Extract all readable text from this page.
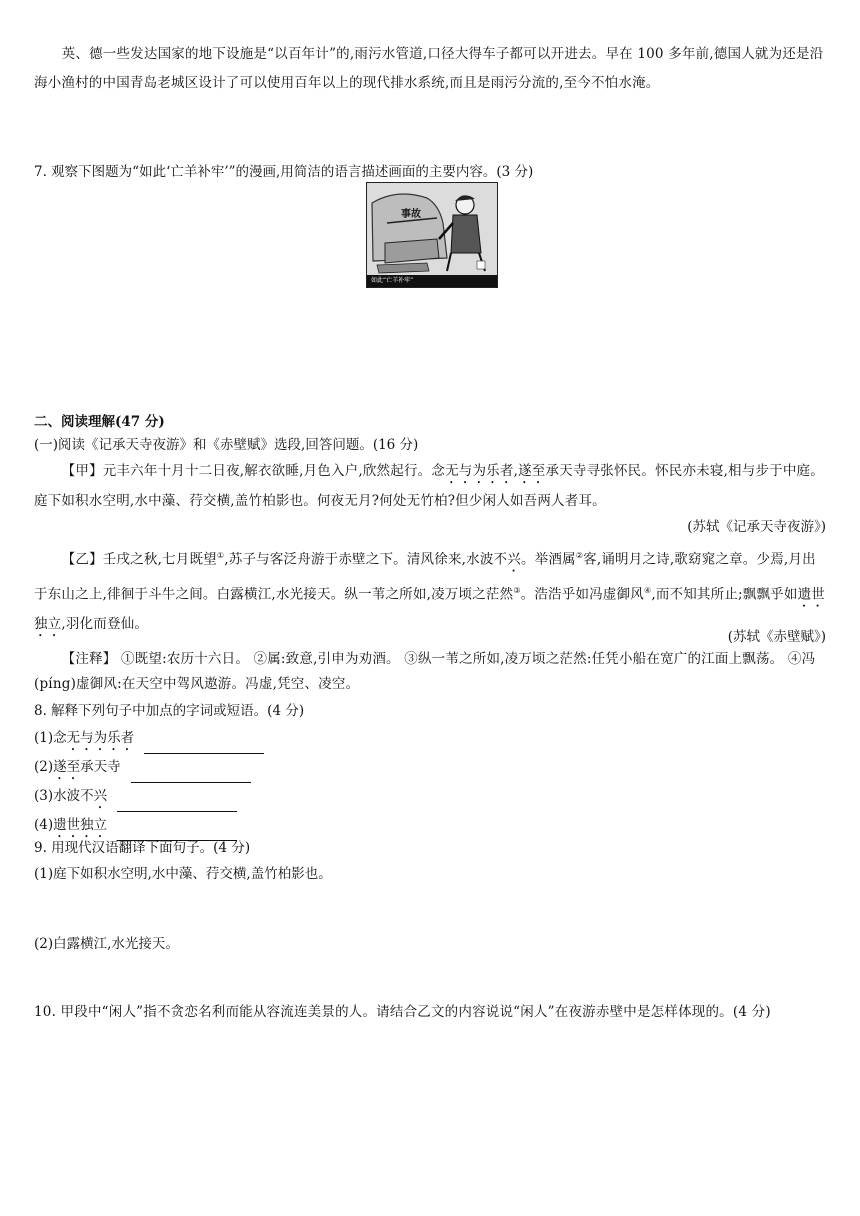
英、德一些发达国家的地下设施是“以百年计”的,雨污水管道,口径大得车子都可以开进去。早在 100 多年前,德国人就为还是沿海小渔村的中国青岛老城区设计了可以使用百年以上的现代排水系统,而且是雨污分流的,至今不怕水淹。
7. 观察下图题为“如此‘亡羊补牢’”的漫画,用简洁的语言描述画面的主要内容。(3 分)
事故
如此“亡羊补牢”
二、阅读理解(47 分)
(一)阅读《记承天寺夜游》和《赤壁赋》选段,回答问题。(16 分)
【甲】元丰六年十月十二日夜,解衣欲睡,月色入户,欣然起行。念无与为乐者,遂至承天寺寻张怀民。怀民亦未寝,相与步于中庭。庭下如积水空明,水中藻、荇交横,盖竹柏影也。何夜无月?何处无竹柏?但少闲人如吾两人者耳。
(苏轼《记承天寺夜游》)
【乙】壬戌之秋,七月既望①,苏子与客泛舟游于赤壁之下。清风徐来,水波不兴。举酒属②客,诵明月之诗,歌窈窕之章。少焉,月出于东山之上,徘徊于斗牛之间。白露横江,水光接天。纵一苇之所如,凌万顷之茫然③。浩浩乎如冯虚御风④,而不知其所止;飘飘乎如遗世独立,羽化而登仙。
(苏轼《赤壁赋》)
【注释】 ①既望:农历十六日。 ②属:致意,引申为劝酒。 ③纵一苇之所如,凌万顷之茫然:任凭小船在宽广的江面上飘荡。 ④冯(píng)虚御风:在天空中驾风遨游。冯虚,凭空、凌空。
8. 解释下列句子中加点的字词或短语。(4 分)
(1)念无与为乐者
(2)遂至承天寺
(3)水波不兴
(4)遗世独立
9. 用现代汉语翻译下面句子。(4 分)
(1)庭下如积水空明,水中藻、荇交横,盖竹柏影也。
(2)白露横江,水光接天。
10. 甲段中“闲人”指不贪恋名利而能从容流连美景的人。请结合乙文的内容说说“闲人”在夜游赤壁中是怎样体现的。(4 分)
